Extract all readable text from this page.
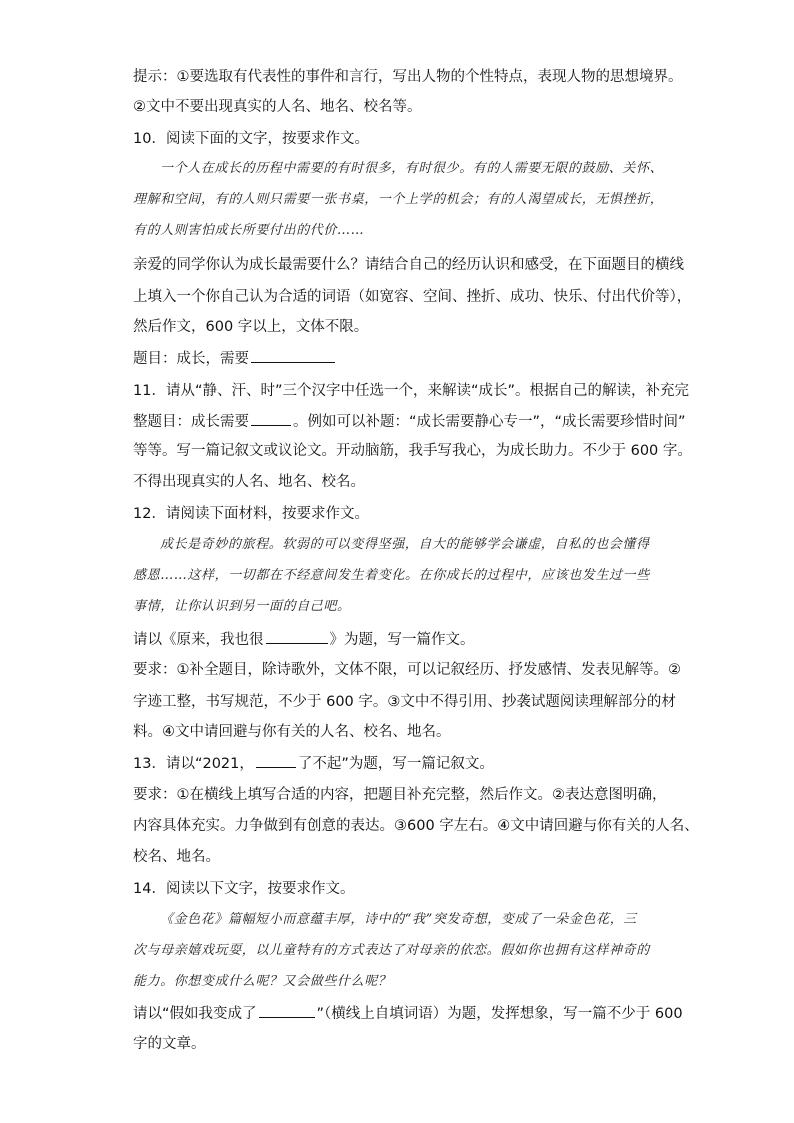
提示：①要选取有代表性的事件和言行，写出人物的个性特点，表现人物的思想境界。
②文中不要出现真实的人名、地名、校名等。
10．阅读下面的文字，按要求作文。
一个人在成长的历程中需要的有时很多，有时很少。有的人需要无限的鼓励、关怀、
理解和空间，有的人则只需要一张书桌，一个上学的机会；有的人渴望成长，无惧挫折，
有的人则害怕成长所要付出的代价……
亲爱的同学你认为成长最需要什么？请结合自己的经历认识和感受，在下面题目的横线
上填入一个你自己认为合适的词语（如宽容、空间、挫折、成功、快乐、付出代价等），
然后作文，600 字以上，文体不限。
题目：成长，需要
11．请从“静、汗、时”三个汉字中任选一个，来解读“成长”。根据自己的解读，补充完
整题目：成长需要	。例如可以补题：“成长需要静心专一”，“成长需要珍惜时间”
等等。写一篇记叙文或议论文。开动脑筋，我手写我心，为成长助力。不少于 600 字。
不得出现真实的人名、地名、校名。
12．请阅读下面材料，按要求作文。
成长是奇妙的旅程。软弱的可以变得坚强，自大的能够学会谦虚，自私的也会懂得
感恩……这样，一切都在不经意间发生着变化。在你成长的过程中，应该也发生过一些
事情，让你认识到另一面的自己吧。
请以《原来，我也很	》为题，写一篇作文。
要求：①补全题目，除诗歌外，文体不限，可以记叙经历、抒发感情、发表见解等。②
字迹工整，书写规范，不少于 600 字。③文中不得引用、抄袭试题阅读理解部分的材
料。④文中请回避与你有关的人名、校名、地名。
13．请以“2021，	了不起”为题，写一篇记叙文。
要求：①在横线上填写合适的内容，把题目补充完整，然后作文。②表达意图明确，
内容具体充实。力争做到有创意的表达。③600 字左右。④文中请回避与你有关的人名、
校名、地名。
14．阅读以下文字，按要求作文。
《金色花》篇幅短小而意蕴丰厚，诗中的“我”突发奇想，变成了一朵金色花，三
次与母亲嬉戏玩耍，以儿童特有的方式表达了对母亲的依恋。假如你也拥有这样神奇的
能力。你想变成什么呢？又会做些什么呢？
请以“假如我变成了	”（横线上自填词语）为题，发挥想象，写一篇不少于 600
字的文章。
